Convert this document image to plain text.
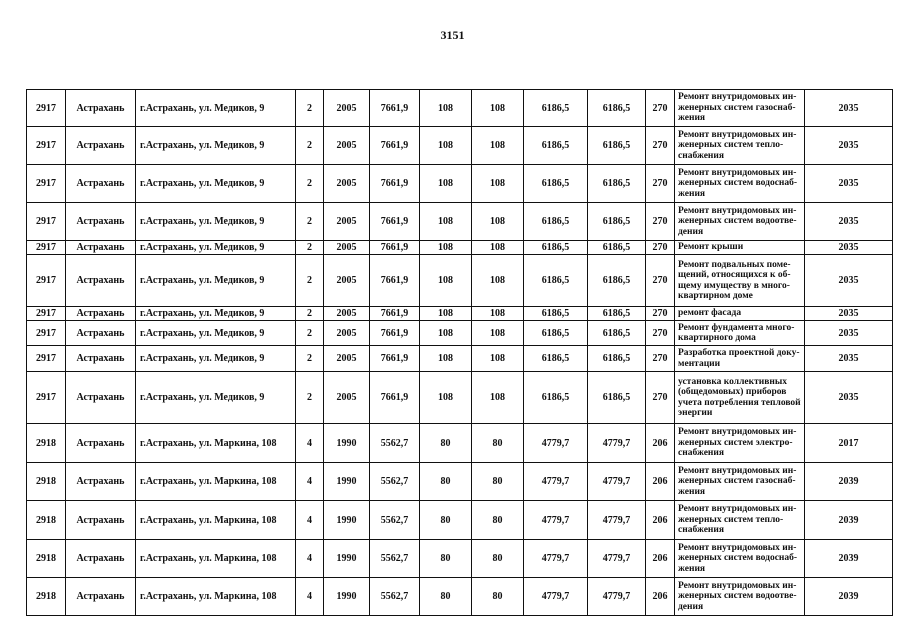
3151
2917	Астрахань	г.Астрахань, ул. Медиков, 9	2	2005	7661,9	108	108	6186,5	6186,5	270	Ремонт внутридомовых ин-женерных систем газоснаб-жения	2035
2917	Астрахань	г.Астрахань, ул. Медиков, 9	2	2005	7661,9	108	108	6186,5	6186,5	270	Ремонт внутридомовых ин-женерных систем тепло-снабжения	2035
2917	Астрахань	г.Астрахань, ул. Медиков, 9	2	2005	7661,9	108	108	6186,5	6186,5	270	Ремонт внутридомовых ин-женерных систем водоснаб-жения	2035
2917	Астрахань	г.Астрахань, ул. Медиков, 9	2	2005	7661,9	108	108	6186,5	6186,5	270	Ремонт внутридомовых ин-женерных систем водоотве-дения	2035
2917	Астрахань	г.Астрахань, ул. Медиков, 9	2	2005	7661,9	108	108	6186,5	6186,5	270	Ремонт крыши	2035
2917	Астрахань	г.Астрахань, ул. Медиков, 9	2	2005	7661,9	108	108	6186,5	6186,5	270	Ремонт подвальных поме-щений, относящихся к об-щему имуществу в много-квартирном доме	2035
2917	Астрахань	г.Астрахань, ул. Медиков, 9	2	2005	7661,9	108	108	6186,5	6186,5	270	ремонт фасада	2035
2917	Астрахань	г.Астрахань, ул. Медиков, 9	2	2005	7661,9	108	108	6186,5	6186,5	270	Ремонт фундамента много-квартирного дома	2035
2917	Астрахань	г.Астрахань, ул. Медиков, 9	2	2005	7661,9	108	108	6186,5	6186,5	270	Разработка проектной доку-ментации	2035
2917	Астрахань	г.Астрахань, ул. Медиков, 9	2	2005	7661,9	108	108	6186,5	6186,5	270	установка коллективных (общедомовых) приборов учета потребления тепловой энергии	2035
2918	Астрахань	г.Астрахань, ул. Маркина, 108	4	1990	5562,7	80	80	4779,7	4779,7	206	Ремонт внутридомовых ин-женерных систем электро-снабжения	2017
2918	Астрахань	г.Астрахань, ул. Маркина, 108	4	1990	5562,7	80	80	4779,7	4779,7	206	Ремонт внутридомовых ин-женерных систем газоснаб-жения	2039
2918	Астрахань	г.Астрахань, ул. Маркина, 108	4	1990	5562,7	80	80	4779,7	4779,7	206	Ремонт внутридомовых ин-женерных систем тепло-снабжения	2039
2918	Астрахань	г.Астрахань, ул. Маркина, 108	4	1990	5562,7	80	80	4779,7	4779,7	206	Ремонт внутридомовых ин-женерных систем водоснаб-жения	2039
2918	Астрахань	г.Астрахань, ул. Маркина, 108	4	1990	5562,7	80	80	4779,7	4779,7	206	Ремонт внутридомовых ин-женерных систем водоотве-дения	2039
